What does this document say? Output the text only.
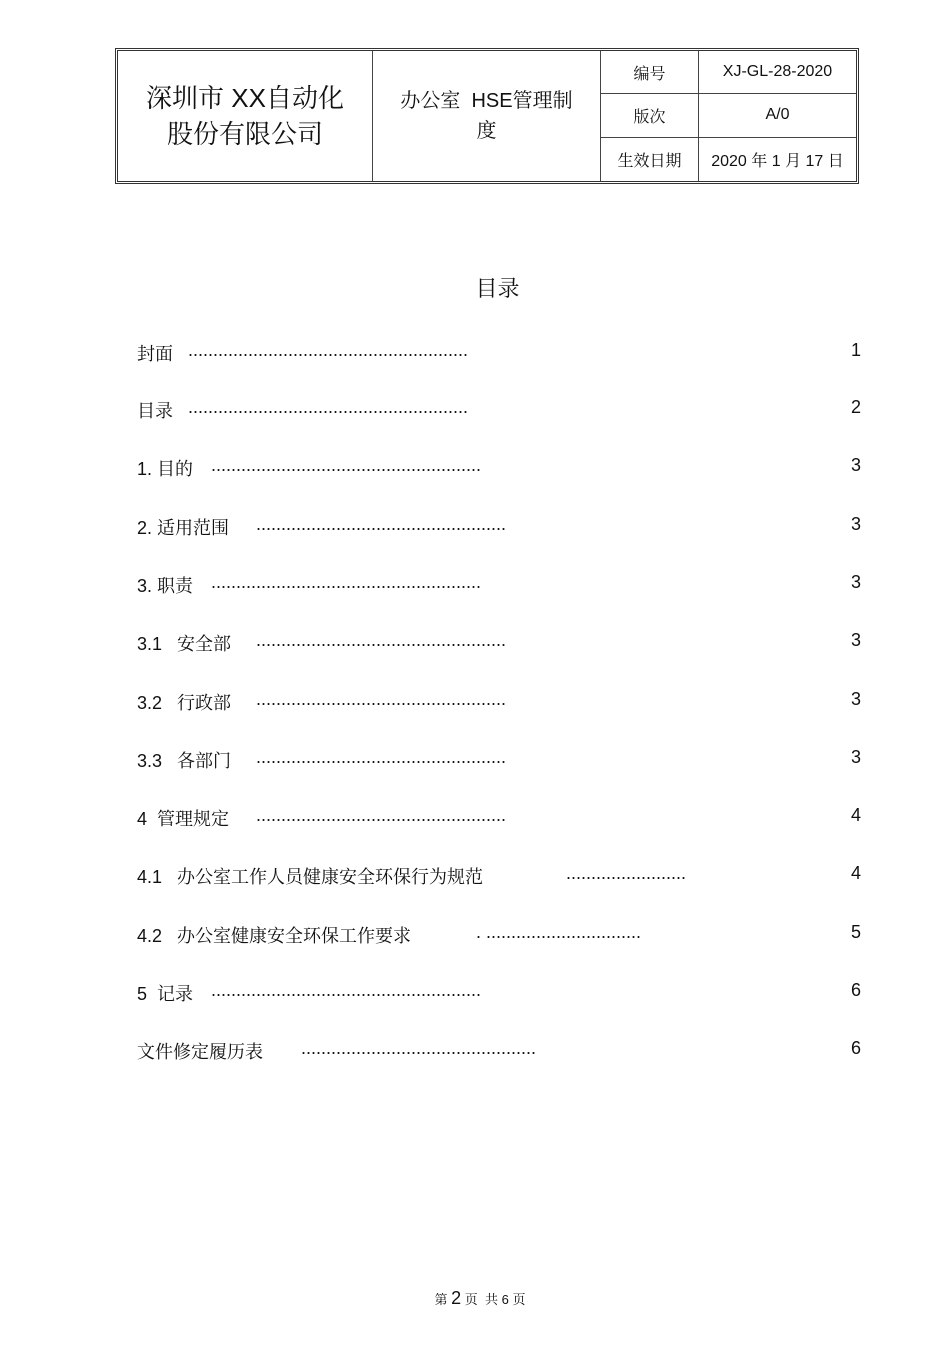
深圳市 XX自动化
股份有限公司
办公室  HSE管理制
度
编号	XJ-GL-28-2020
版次	A/0
生效日期	2020 年 1 月 17 日
目录
封面 ........................................................	1
目录 ........................................................	2
1. 目的 ......................................................	3
2. 适用范围 ..................................................	3
3. 职责 ......................................................	3
3.1   安全部 ..................................................	3
3.2   行政部 ..................................................	3
3.3   各部门 ..................................................	3
4  管理规定 ..................................................	4
4.1   办公室工作人员健康安全环保行为规范	........................	4
4.2   办公室健康安全环保工作要求	. ...............................	5
5  记录 ......................................................	6
文件修定履历表 ...............................................	6
第 2 页  共 6 页
